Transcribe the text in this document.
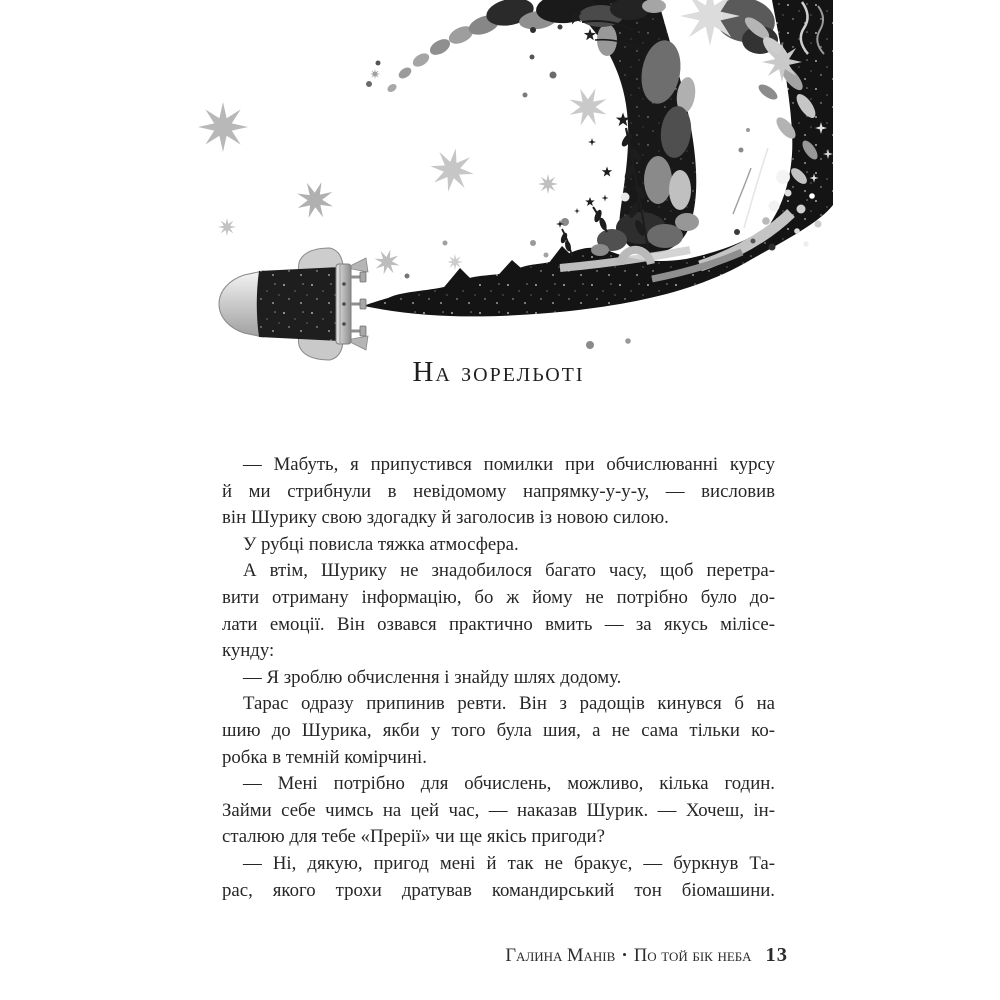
На зорельоті
— Мабуть, я припустився помилки при обчислюванні курсу
й ми стрибнули в невідомому напрямку-у-у-у, — висловив
він Шурику свою здогадку й заголосив із новою силою.
У рубці повисла тяжка атмосфера.
А втім, Шурику не знадобилося багато часу, щоб перетра-
вити отриману інформацію, бо ж йому не потрібно було до-
лати емоції. Він озвався практично вмить — за якусь мілісе-
кунду:
— Я зроблю обчислення і знайду шлях додому.
Тарас одразу припинив ревти. Він з радощів кинувся б на
шию до Шурика, якби у того була шия, а не сама тільки ко-
робка в темній комірчині.
— Мені потрібно для обчислень, можливо, кілька годин.
Займи себе чимсь на цей час, — наказав Шурик. — Хочеш, ін-
сталюю для тебе «Прерії» чи ще якісь пригоди?
— Ні, дякую, пригод мені й так не бракує, — буркнув Та-
рас, якого трохи дратував командирський тон біомашини.
Галина Манів • По той бік неба 13
